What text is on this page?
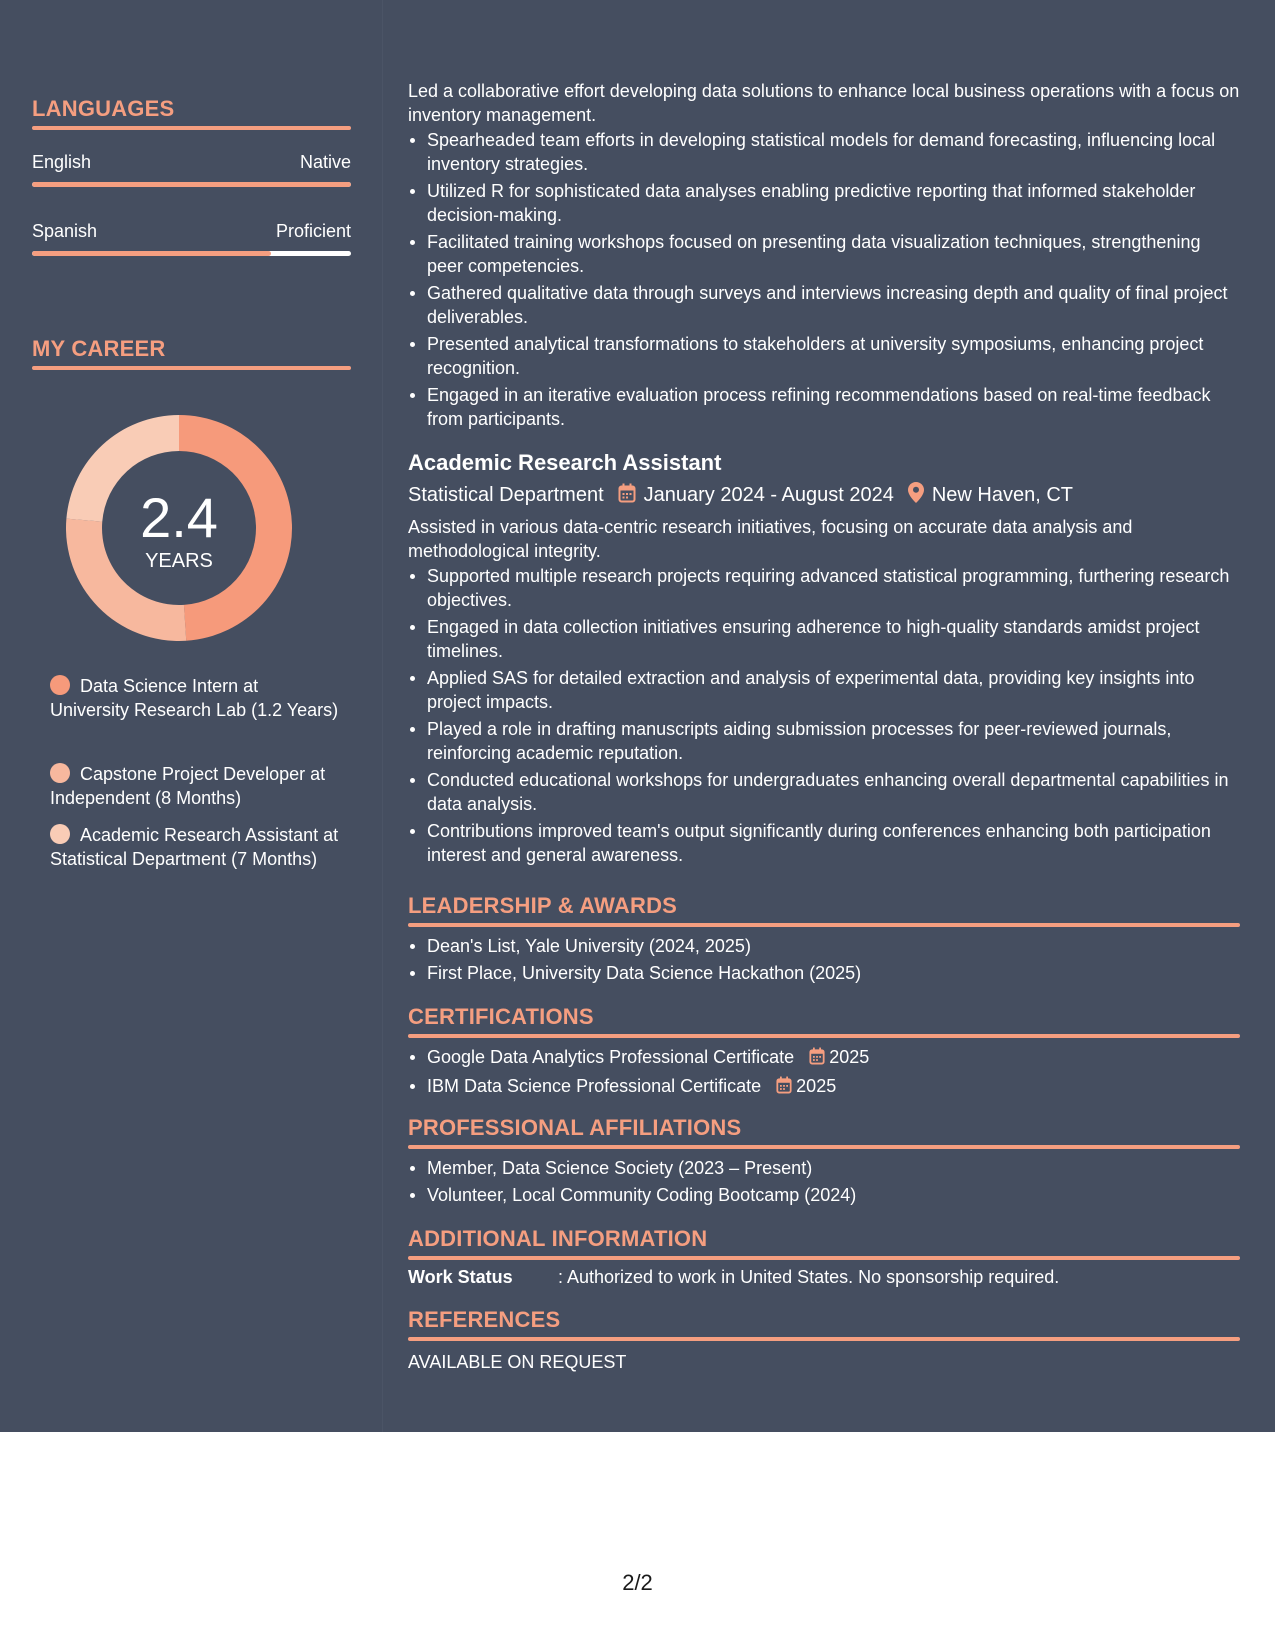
LANGUAGES
English	Native
Spanish	Proficient
MY CAREER
2.4
YEARS
Data Science Intern at University Research Lab (1.2 Years)
Capstone Project Developer at Independent (8 Months)
Academic Research Assistant at Statistical Department (7 Months)

Led a collaborative effort developing data solutions to enhance local business operations with a focus on inventory management.

Spearheaded team efforts in developing statistical models for demand forecasting, influencing local inventory strategies.
Utilized R for sophisticated data analyses enabling predictive reporting that informed stakeholder decision-making.
Facilitated training workshops focused on presenting data visualization techniques, strengthening peer competencies.
Gathered qualitative data through surveys and interviews increasing depth and quality of final project deliverables.
Presented analytical transformations to stakeholders at university symposiums, enhancing project recognition.
Engaged in an iterative evaluation process refining recommendations based on real-time feedback from participants.
Academic Research Assistant
Statistical Department January 2024 - August 2024 New Haven, CT

Assisted in various data-centric research initiatives, focusing on accurate data analysis and methodological integrity.

Supported multiple research projects requiring advanced statistical programming, furthering research objectives.
Engaged in data collection initiatives ensuring adherence to high-quality standards amidst project timelines.
Applied SAS for detailed extraction and analysis of experimental data, providing key insights into project impacts.
Played a role in drafting manuscripts aiding submission processes for peer-reviewed journals, reinforcing academic reputation.
Conducted educational workshops for undergraduates enhancing overall departmental capabilities in data analysis.
Contributions improved team's output significantly during conferences enhancing both participation interest and general awareness.
LEADERSHIP & AWARDS
Dean's List, Yale University (2024, 2025)
First Place, University Data Science Hackathon (2025)
CERTIFICATIONS
Google Data Analytics Professional Certificate 2025
IBM Data Science Professional Certificate 2025
PROFESSIONAL AFFILIATIONS
Member, Data Science Society (2023 – Present)
Volunteer, Local Community Coding Bootcamp (2024)
ADDITIONAL INFORMATION
Work Status	: Authorized to work in United States. No sponsorship required.
REFERENCES
AVAILABLE ON REQUEST
2/2
